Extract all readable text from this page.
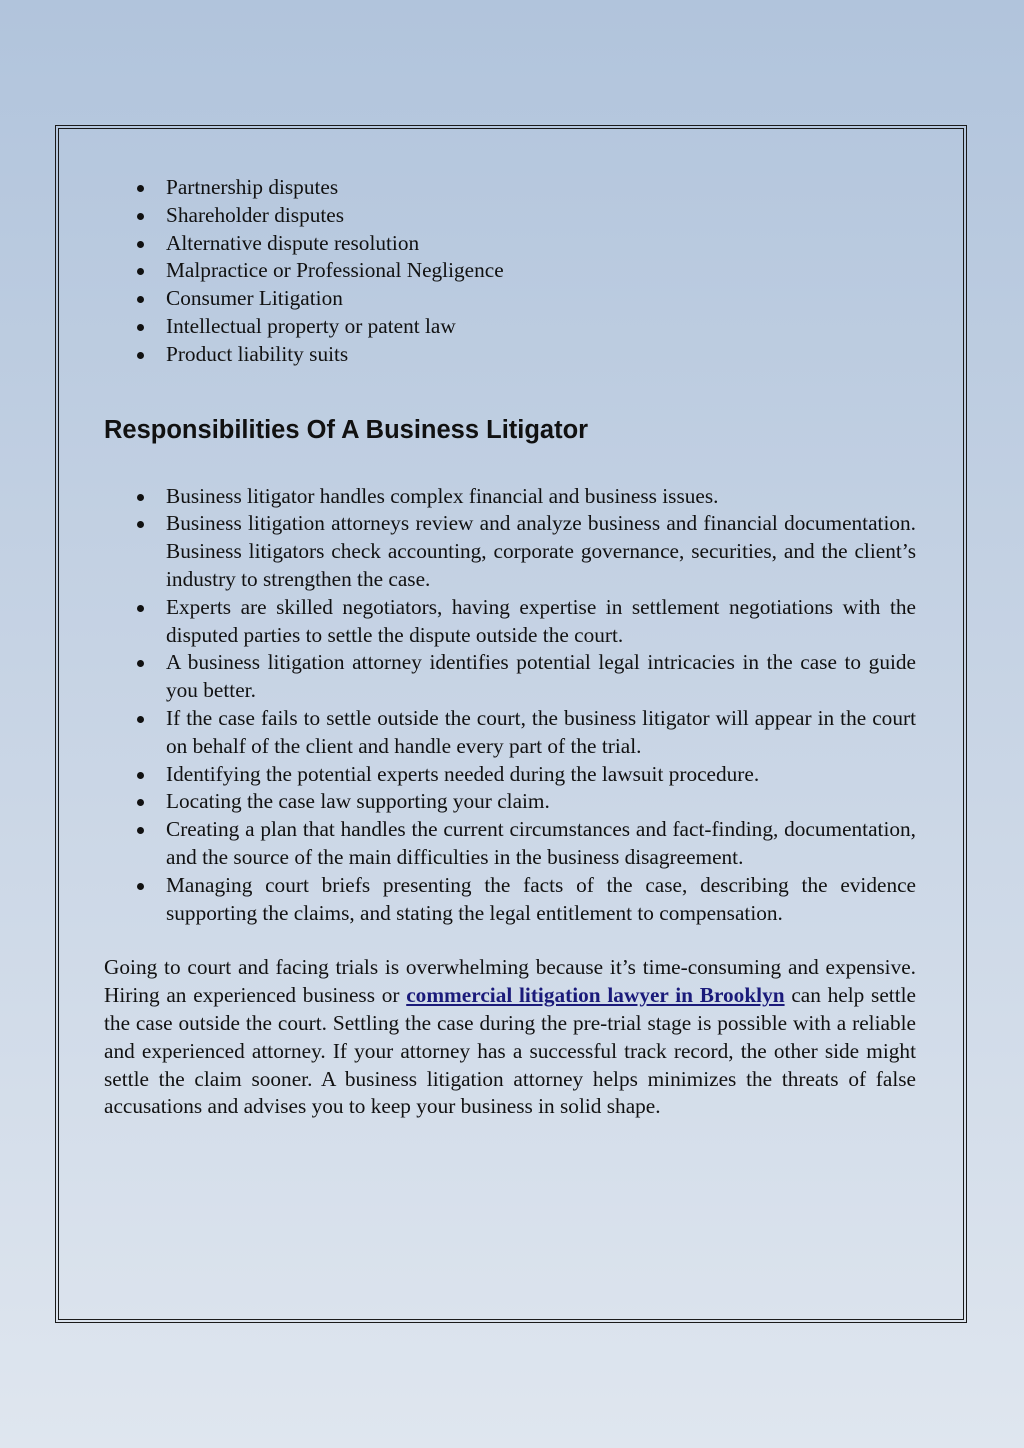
Partnership disputes
Shareholder disputes
Alternative dispute resolution
Malpractice or Professional Negligence
Consumer Litigation
Intellectual property or patent law
Product liability suits
Responsibilities Of A Business Litigator
Business litigator handles complex financial and business issues.
Business litigation attorneys review and analyze business and financial documentation. Business litigators check accounting, corporate governance, securities, and the client’s industry to strengthen the case.
Experts are skilled negotiators, having expertise in settlement negotiations with the disputed parties to settle the dispute outside the court.
A business litigation attorney identifies potential legal intricacies in the case to guide you better.
If the case fails to settle outside the court, the business litigator will appear in the court on behalf of the client and handle every part of the trial.
Identifying the potential experts needed during the lawsuit procedure.
Locating the case law supporting your claim.
Creating a plan that handles the current circumstances and fact-finding, documentation, and the source of the main difficulties in the business disagreement.
Managing court briefs presenting the facts of the case, describing the evidence supporting the claims, and stating the legal entitlement to compensation.

Going to court and facing trials is overwhelming because it’s time-consuming and expensive. Hiring an experienced business or commercial litigation lawyer in Brooklyn can help settle the case outside the court. Settling the case during the pre-trial stage is possible with a reliable and experienced attorney. If your attorney has a successful track record, the other side might settle the claim sooner. A business litigation attorney helps minimizes the threats of false accusations and advises you to keep your business in solid shape.
